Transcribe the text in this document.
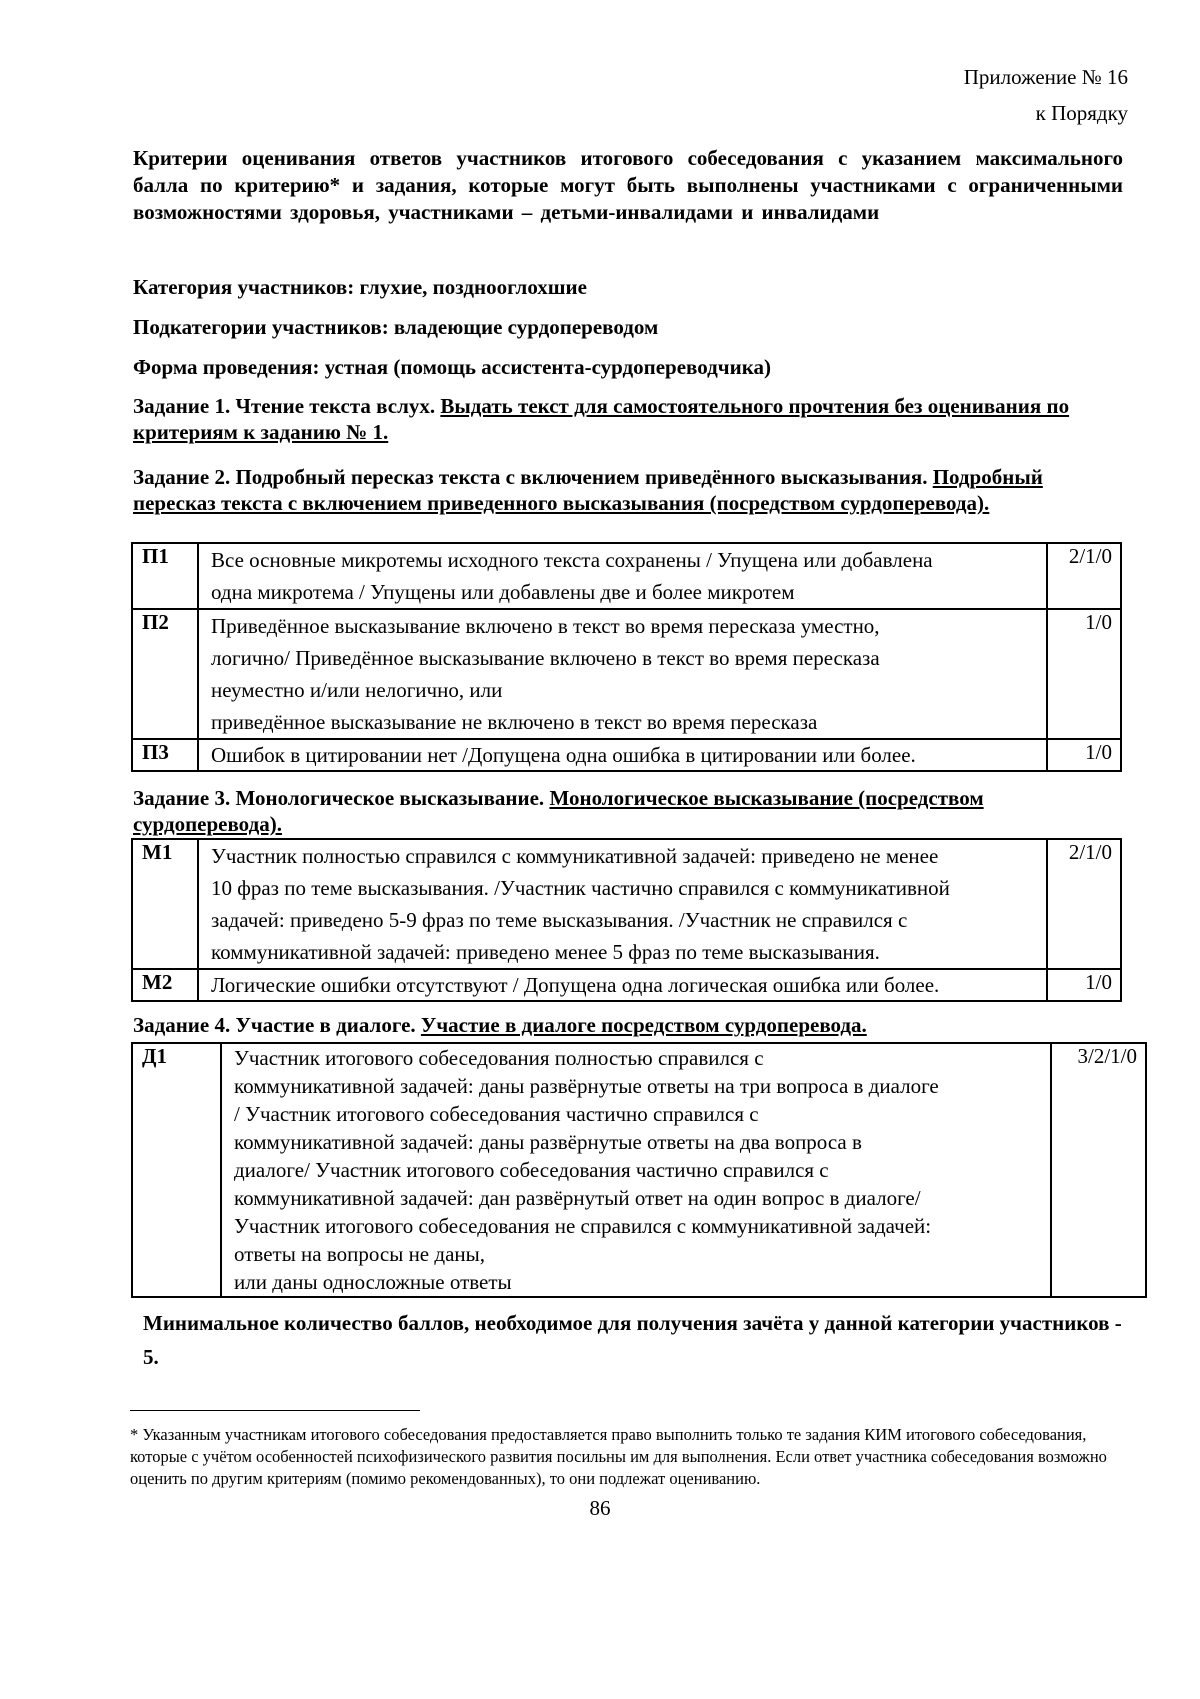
Приложение № 16
к Порядку
Критерии оценивания ответов участников итогового собеседования с указанием максимального балла по критерию* и задания, которые могут быть выполнены участниками с ограниченными возможностями здоровья, участниками – детьми-инвалидами и инвалидами
Категория участников: глухие, позднооглохшие
Подкатегории участников: владеющие сурдопереводом
Форма проведения: устная (помощь ассистента-сурдопереводчика)
Задание 1. Чтение текста вслух. Выдать текст для самостоятельного прочтения без оценивания по критериям к заданию № 1.
Задание 2. Подробный пересказ текста с включением приведённого высказывания. Подробный пересказ текста с включением приведенного высказывания (посредством сурдоперевода).
П1	Все основные микротемы исходного текста сохранены / Упущена или добавлена
одна микротема / Упущены или добавлены две и более микротем	2/1/0
П2	Приведённое высказывание включено в текст во время пересказа уместно,
логично/ Приведённое высказывание включено в текст во время пересказа
неуместно и/или нелогично, или
приведённое высказывание не включено в текст во время пересказа	1/0
П3	Ошибок в цитировании нет /Допущена одна ошибка в цитировании или более.	1/0
Задание 3. Монологическое высказывание. Монологическое высказывание (посредством сурдоперевода).
М1	Участник полностью справился с коммуникативной задачей: приведено не менее
10 фраз по теме высказывания. /Участник частично справился с коммуникативной
задачей: приведено 5-9 фраз по теме высказывания. /Участник не справился с
коммуникативной задачей: приведено менее 5 фраз по теме высказывания.	2/1/0
М2	Логические ошибки отсутствуют / Допущена одна логическая ошибка или более.	1/0
Задание 4. Участие в диалоге. Участие в диалоге посредством сурдоперевода.
Д1	Участник итогового собеседования полностью справился с
коммуникативной задачей: даны развёрнутые ответы на три вопроса в диалоге
/ Участник итогового собеседования частично справился с
коммуникативной задачей: даны развёрнутые ответы на два вопроса в
диалоге/ Участник итогового собеседования частично справился с
коммуникативной задачей: дан развёрнутый ответ на один вопрос в диалоге/
Участник итогового собеседования не справился с коммуникативной задачей:
ответы на вопросы не даны,
или даны односложные ответы
	3/2/1/0
Минимальное количество баллов, необходимое для получения зачёта у данной категории участников - 5.
* Указанным участникам итогового собеседования предоставляется право выполнить только те задания КИМ итогового собеседования, которые с учётом особенностей психофизического развития посильны им для выполнения. Если ответ участника собеседования возможно оценить по другим критериям (помимо рекомендованных), то они подлежат оцениванию.
86
